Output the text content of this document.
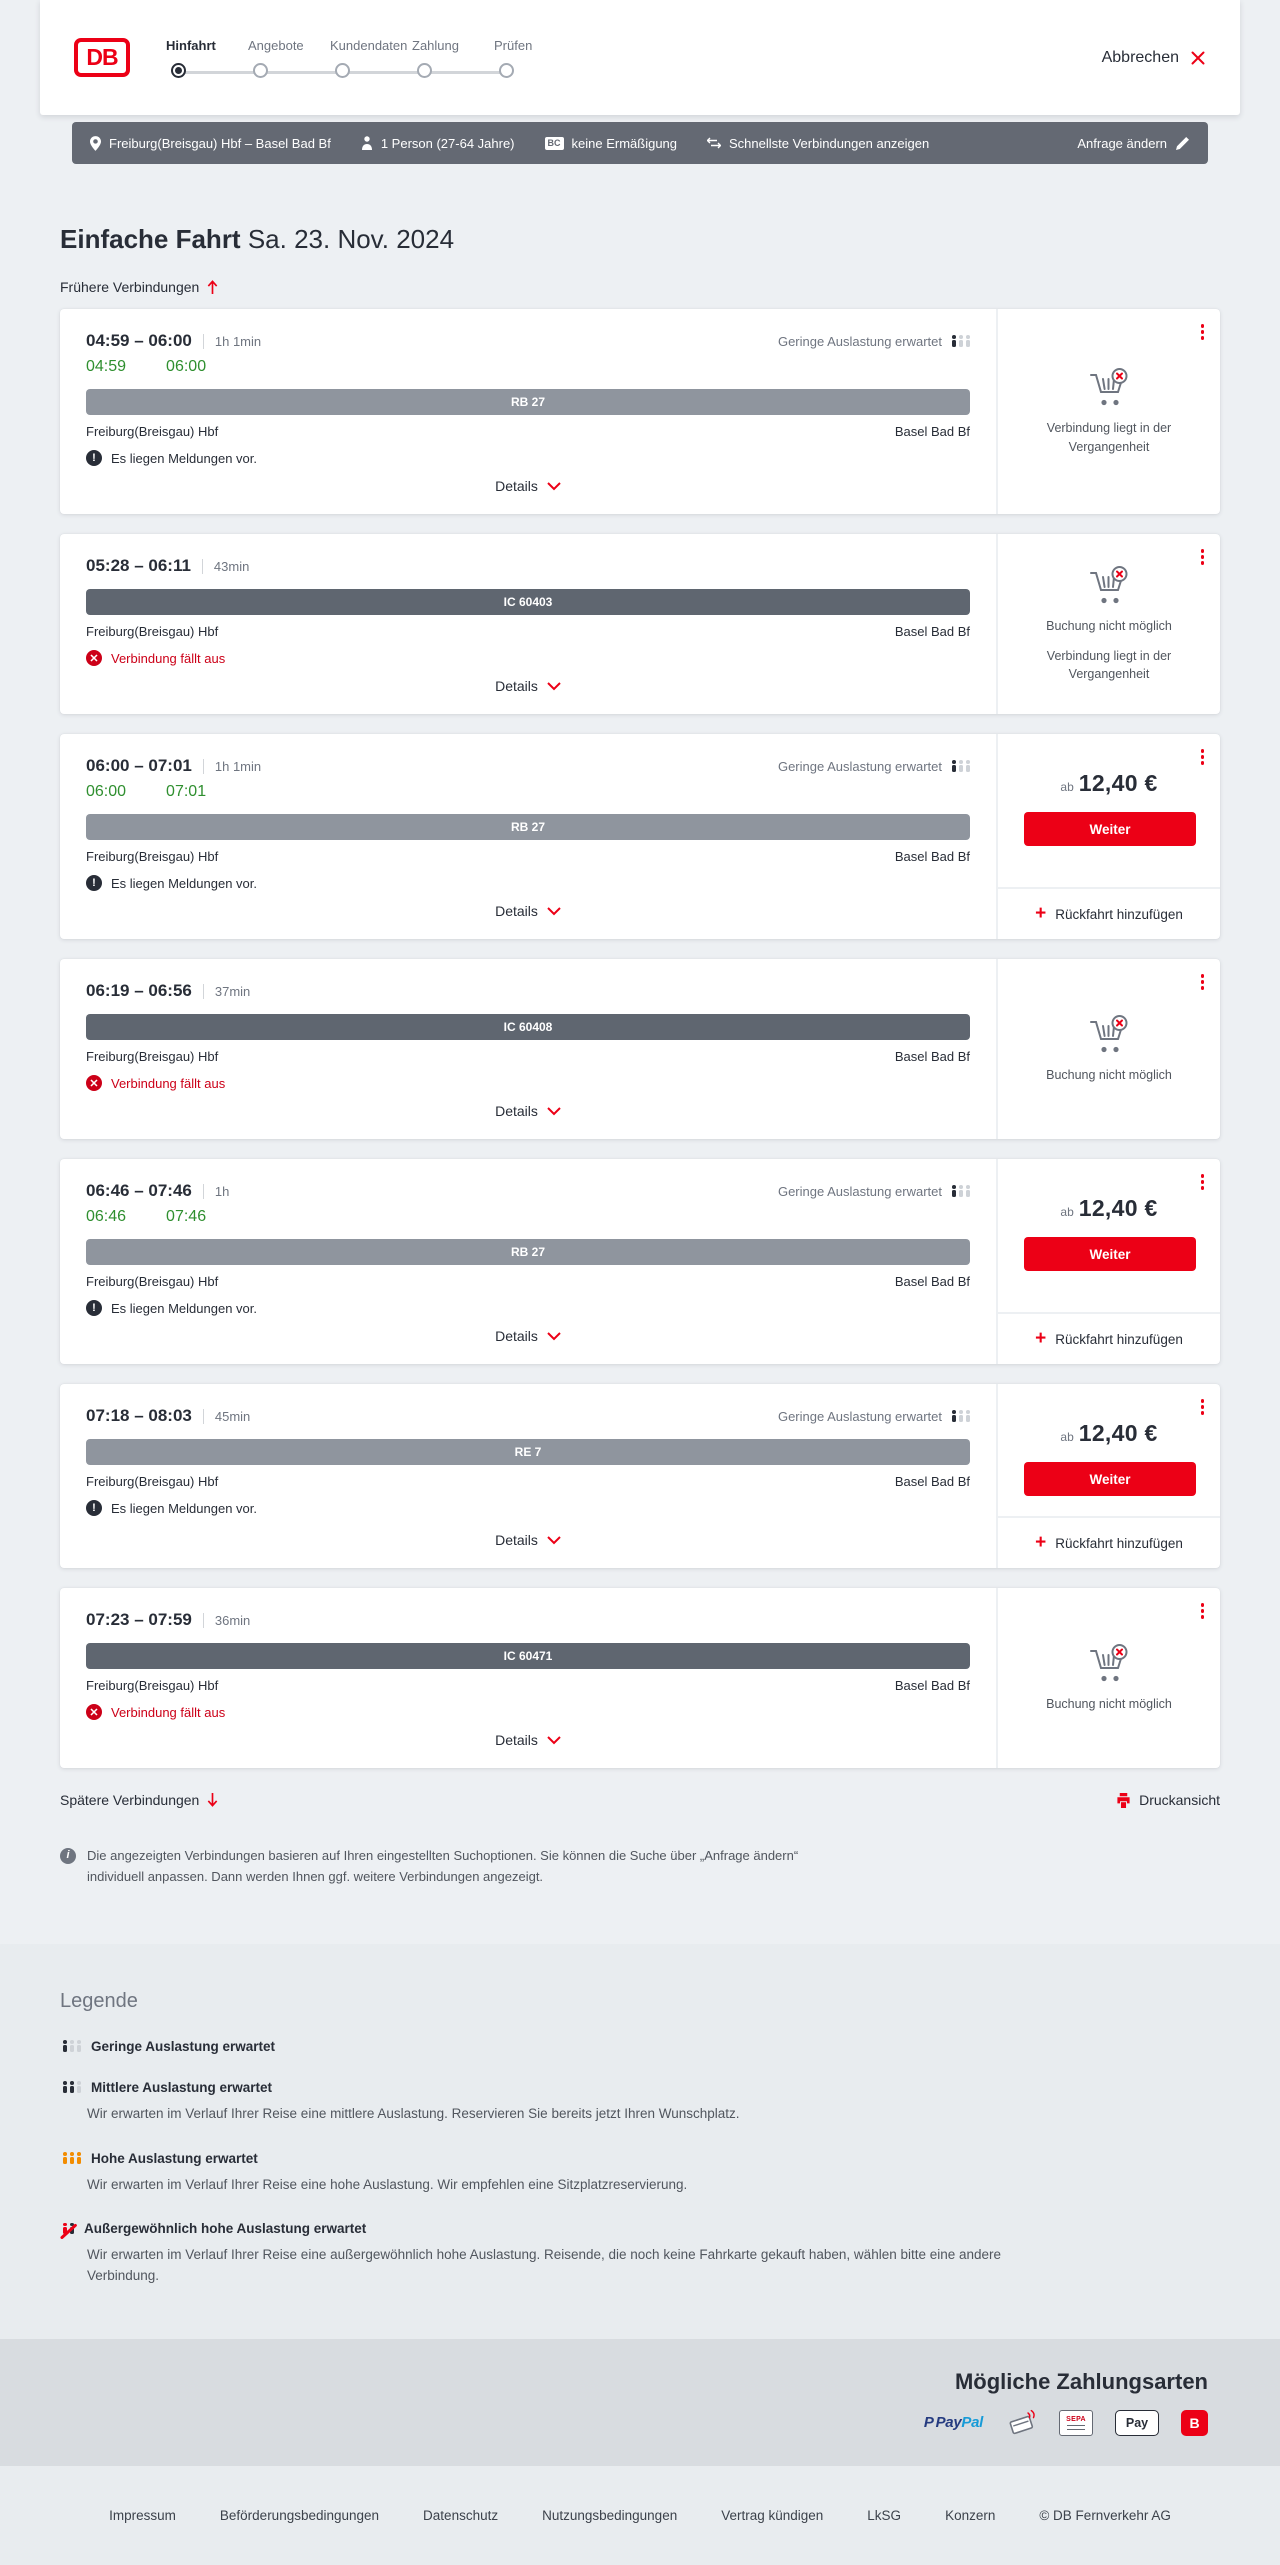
DB	Hinfahrt	Angebote	Kundendaten Zahlung	Prüfen
Abbrechen
Freiburg(Breisgau) Hbf – Basel Bad Bf	1 Person (27-64 Jahre)	BC keine Ermäßigung	Schnellste Verbindungen anzeigen	Anfrage ändern
Einfache Fahrt Sa. 23. Nov. 2024
Frühere Verbindungen
04:59 – 06:00 1h 1min	Geringe Auslastung erwartet
04:59	06:00
RB 27
Freiburg(Breisgau) Hbf	Basel Bad Bf
!	Es liegen Meldungen vor.
Details
Verbindung liegt in der Vergangenheit
05:28 – 06:11 43min
IC 60403
Freiburg(Breisgau) Hbf	Basel Bad Bf
✕ Verbindung fällt aus
Details
Buchung nicht möglich
Verbindung liegt in der Vergangenheit
06:00 – 07:01 1h 1min	Geringe Auslastung erwartet
06:00	07:01
RB 27
Freiburg(Breisgau) Hbf	Basel Bad Bf
!	Es liegen Meldungen vor.
Details
ab 12,40 €
Weiter
+ Rückfahrt hinzufügen
06:19 – 06:56 37min
IC 60408
Freiburg(Breisgau) Hbf	Basel Bad Bf
✕ Verbindung fällt aus
Details
Buchung nicht möglich
06:46 – 07:46 1h	Geringe Auslastung erwartet
06:46	07:46
RB 27
Freiburg(Breisgau) Hbf	Basel Bad Bf
!	Es liegen Meldungen vor.
Details
ab 12,40 €
Weiter
+ Rückfahrt hinzufügen
07:18 – 08:03 45min	Geringe Auslastung erwartet
RE 7
Freiburg(Breisgau) Hbf	Basel Bad Bf
!	Es liegen Meldungen vor.
Details
ab 12,40 €
Weiter
+ Rückfahrt hinzufügen
07:23 – 07:59 36min
IC 60471
Freiburg(Breisgau) Hbf	Basel Bad Bf
✕ Verbindung fällt aus
Details
Buchung nicht möglich
Spätere Verbindungen	Druckansicht
i	Die angezeigten Verbindungen basieren auf Ihren eingestellten Suchoptionen. Sie können die Suche über „Anfrage ändern“ individuell anpassen. Dann werden Ihnen ggf. weitere Verbindungen angezeigt.

Legende
Geringe Auslastung erwartet
Mittlere Auslastung erwartet

Wir erwarten im Verlauf Ihrer Reise eine mittlere Auslastung. Reservieren Sie bereits jetzt Ihren Wunschplatz.

Hohe Auslastung erwartet

Wir erwarten im Verlauf Ihrer Reise eine hohe Auslastung. Wir empfehlen eine Sitzplatzreservierung.

Außergewöhnlich hohe Auslastung erwartet

Wir erwarten im Verlauf Ihrer Reise eine außergewöhnlich hohe Auslastung. Reisende, die noch keine Fahrkarte gekauft haben, wählen bitte eine andere Verbindung.

Mögliche Zahlungsarten
P PayPal	SEPA	Pay	B
Impressum	Beförderungsbedingungen	Datenschutz	Nutzungsbedingungen	Vertrag kündigen	LkSG	Konzern	© DB Fernverkehr AG
